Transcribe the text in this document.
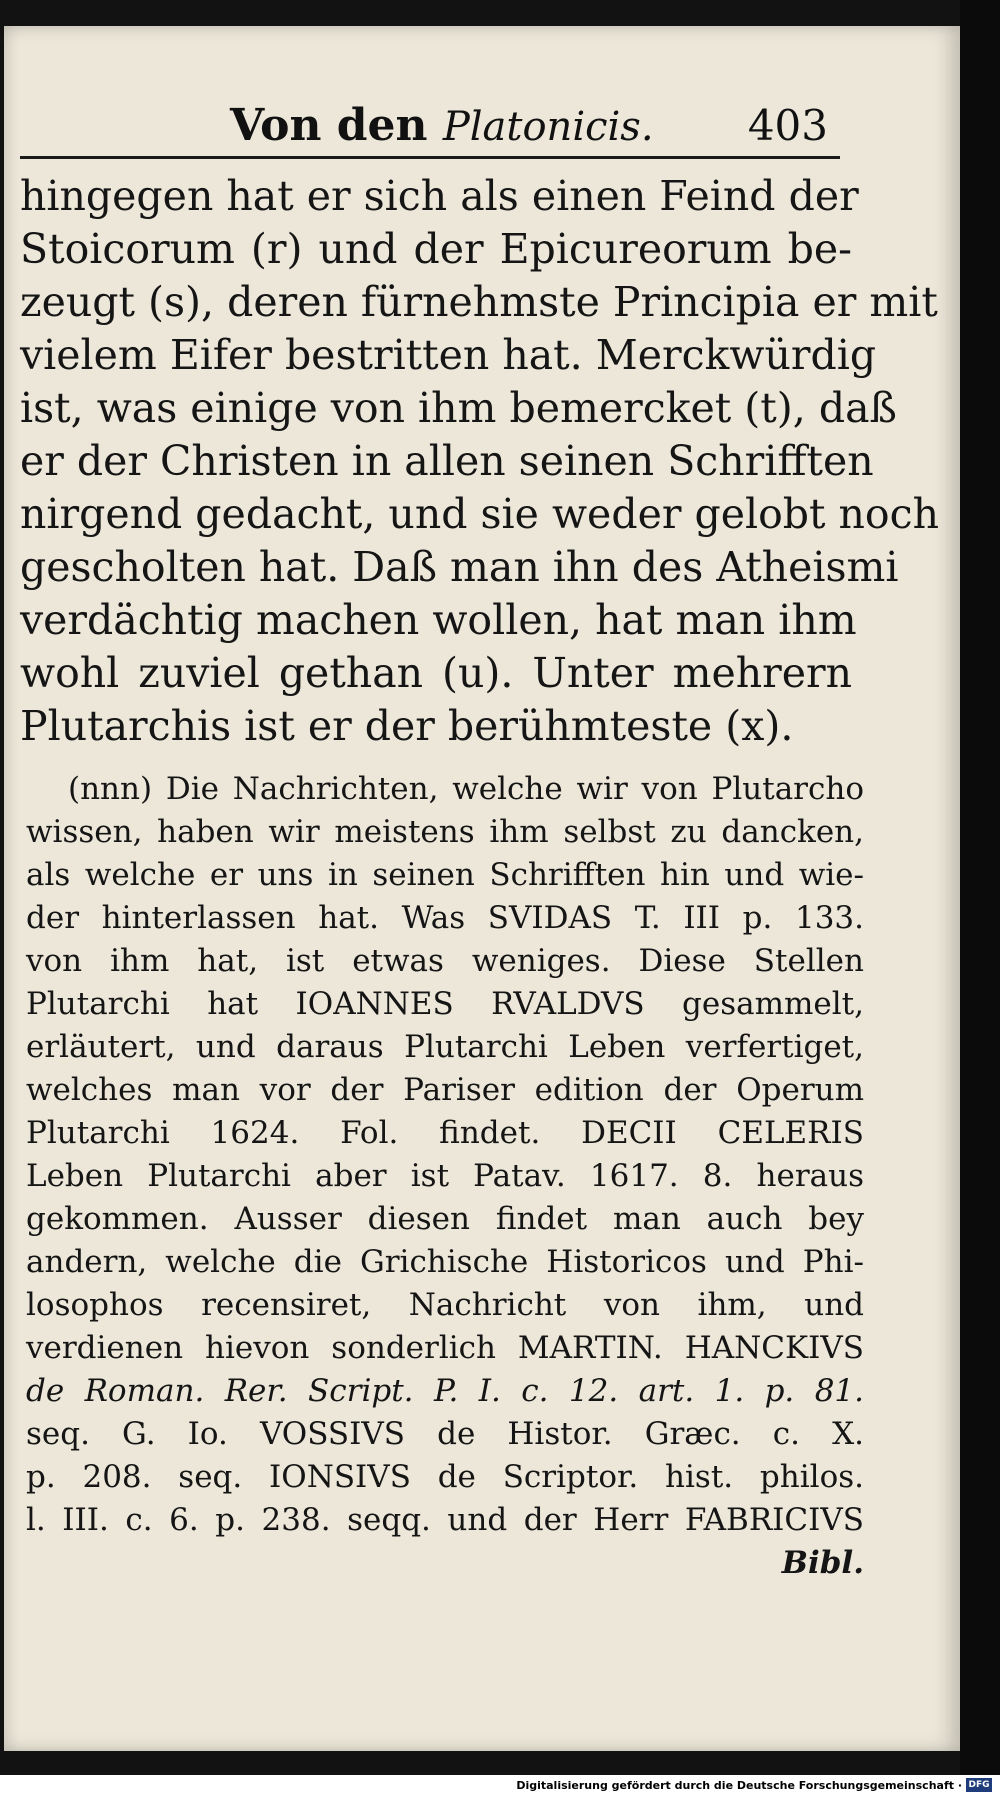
Von den Platonicis. 403
hingegen hat er sich als einen Feind der
Stoicorum (r) und der Epicureorum be-
zeugt (s), deren fürnehmste Principia er mit
vielem Eifer bestritten hat. Merckwürdig
ist, was einige von ihm bemercket (t), daß
er der Christen in allen seinen Schrifften
nirgend gedacht, und sie weder gelobt noch
gescholten hat. Daß man ihn des Atheismi
verdächtig machen wollen, hat man ihm
wohl zuviel gethan (u). Unter mehrern
Plutarchis ist er der berühmteste (x).
(nnn) Die Nachrichten, welche wir von Plutarcho
wissen, haben wir meistens ihm selbst zu dancken,
als welche er uns in seinen Schrifften hin und wie-
der hinterlassen hat. Was SVIDAS T. III p. 133.
von ihm hat, ist etwas weniges. Diese Stellen
Plutarchi hat IOANNES RVALDVS gesammelt,
erläutert, und daraus Plutarchi Leben verfertiget,
welches man vor der Pariser edition der Operum
Plutarchi 1624. Fol. findet. DECII CELERIS
Leben Plutarchi aber ist Patav. 1617. 8. heraus
gekommen. Ausser diesen findet man auch bey
andern, welche die Grichische Historicos und Phi-
losophos recensiret, Nachricht von ihm, und
verdienen hievon sonderlich MARTIN. HANCKIVS
de Roman. Rer. Script. P. I. c. 12. art. 1. p. 81.
seq. G. Io. VOSSIVS de Histor. Græc. c. X.
p. 208. seq. IONSIVS de Scriptor. hist. philos.
l. III. c. 6. p. 238. seqq. und der Herr FABRICIVS
Bibl.
Digitalisierung gefördert durch die Deutsche Forschungsgemeinschaft · DFG
